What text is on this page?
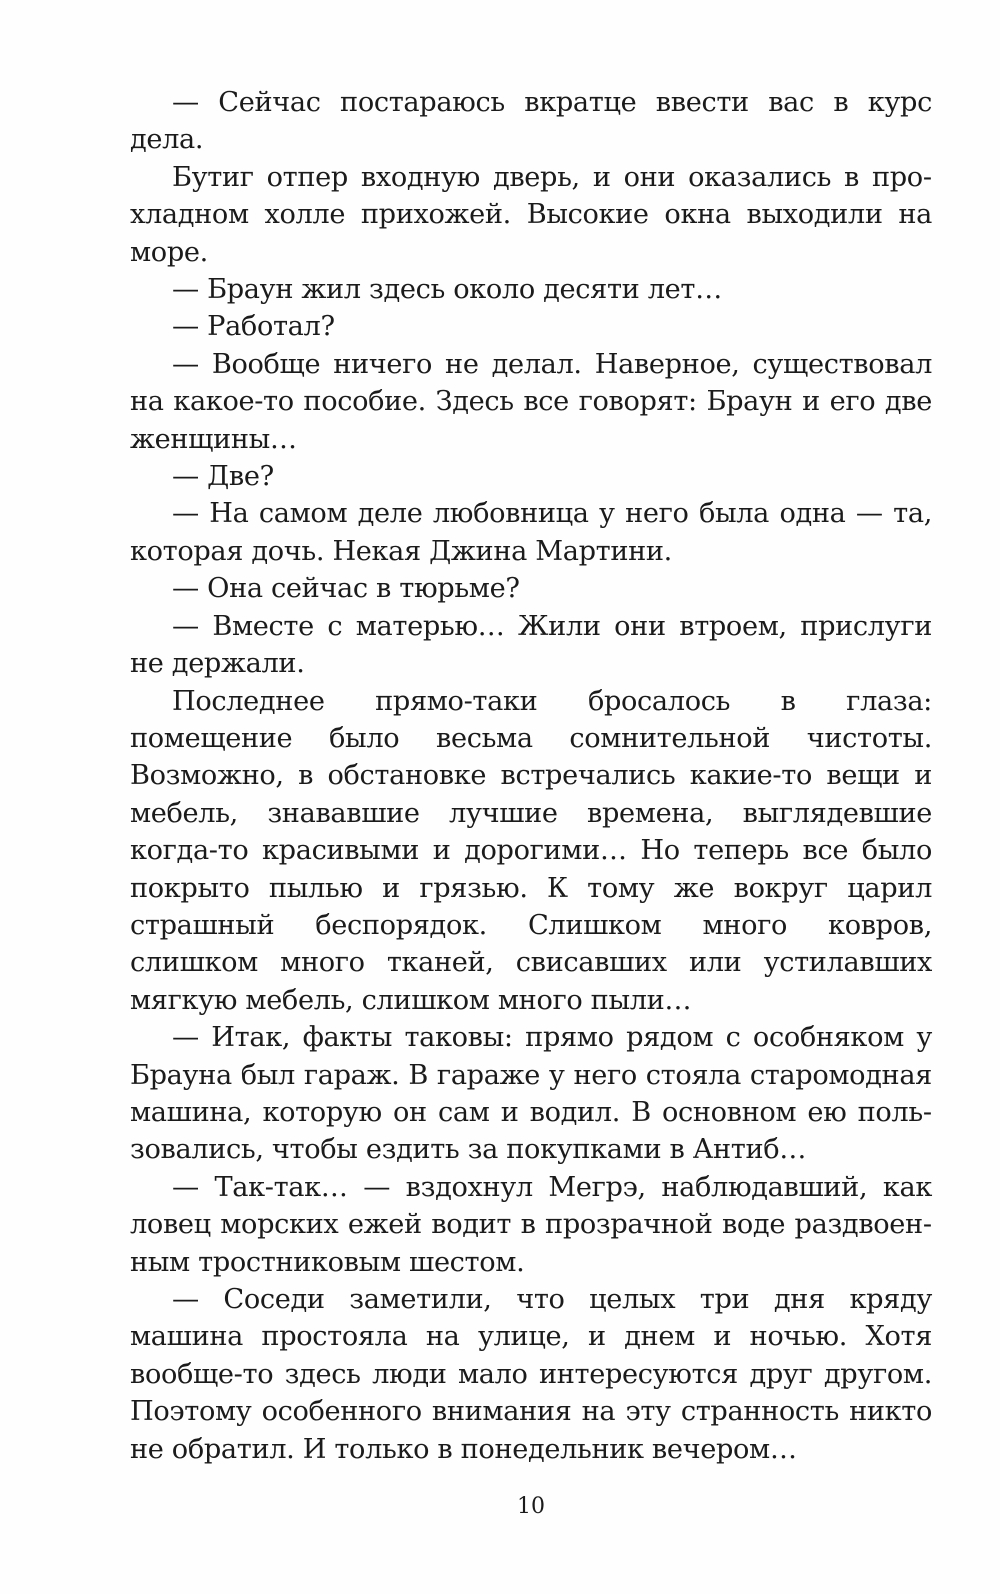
— Сейчас постараюсь вкратце ввести вас в курс дела.

Бутиг отпер входную дверь, и они оказались в прохладном холле прихожей. Высокие окна выходили на море.

— Браун жил здесь около десяти лет…

— Работал?

— Вообще ничего не делал. Наверное, существовал на какое-то пособие. Здесь все говорят: Браун и его две женщины…

— Две?

— На самом деле любовница у него была одна — та, которая дочь. Некая Джина Мартини.

— Она сейчас в тюрьме?

— Вместе с матерью… Жили они втроем, прислуги не держали.

Последнее прямо-таки бросалось в глаза: помещение было весьма сомнительной чистоты. Возможно, в обстановке встречались какие-то вещи и мебель, знававшие лучшие времена, выглядевшие когда-то красивыми и дорогими… Но теперь все было покрыто пылью и грязью. К тому же вокруг царил страшный беспорядок. Слишком много ковров, слишком много тканей, свисавших или устилавших мягкую мебель, слишком много пыли…

— Итак, факты таковы: прямо рядом с особняком у Брауна был гараж. В гараже у него стояла старомодная машина, которую он сам и водил. В основном ею пользовались, чтобы ездить за покупками в Антиб…

— Так-так… — вздохнул Мегрэ, наблюдавший, как ловец морских ежей водит в прозрачной воде раздвоенным тростниковым шестом.

— Соседи заметили, что целых три дня кряду машина простояла на улице, и днем и ночью. Хотя вообще-то здесь люди мало интересуются друг другом. Поэтому особенного внимания на эту странность никто не обратил. И только в понедельник вечером…

10
